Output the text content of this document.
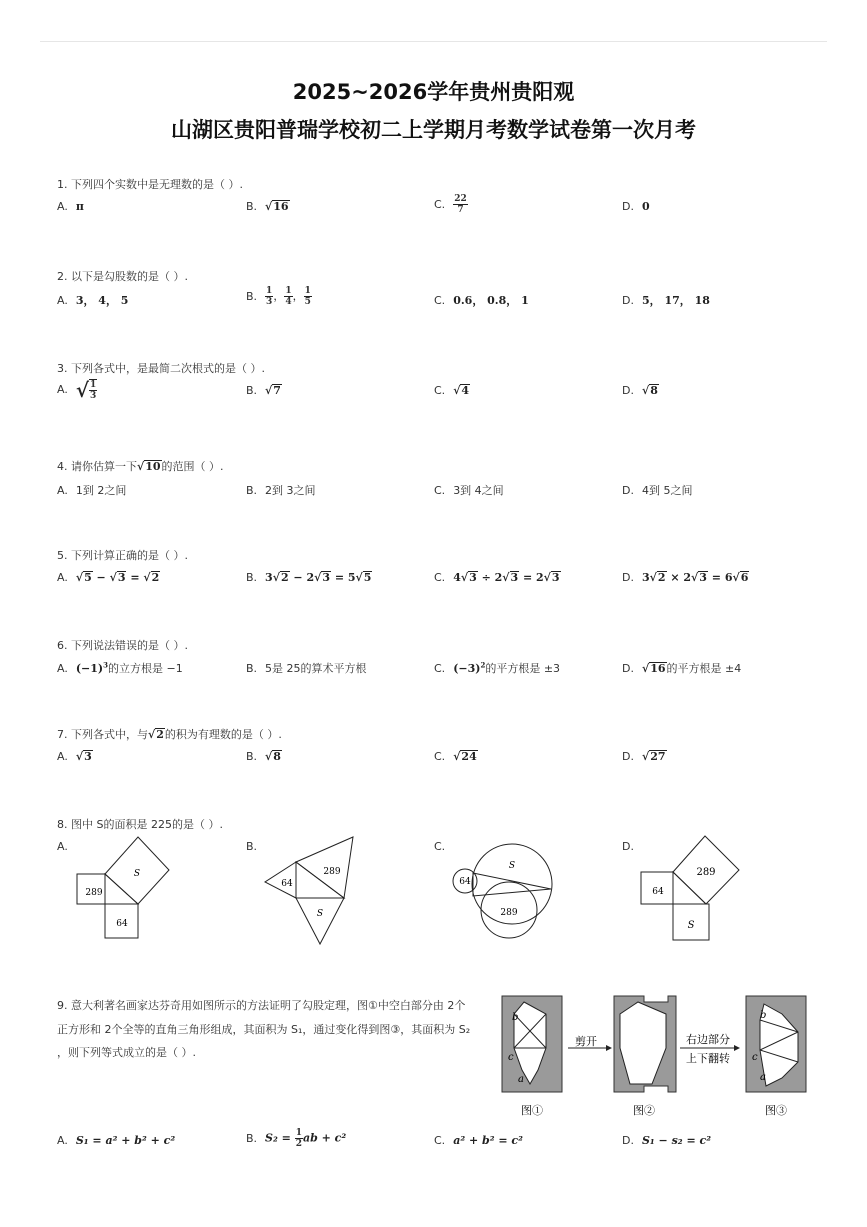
2025~2026学年贵州贵阳观
山湖区贵阳普瑞学校初二上学期月考数学试卷第一次月考
1. 下列四个实数中是无理数的是（ ）.
A. π	B. √16	C. $\frac{22}{7}$	D. 0
2. 以下是勾股数的是（ ）.
A. 3， 4， 5	B. $\frac{1}{3}$ ， $\frac{1}{4}$ ， $\frac{1}{5}$	C. 0.6， 0.8， 1	D. 5， 17， 18
3. 下列各式中，是最简二次根式的是（ ）.
A. √ $\frac{1}{3}$	B. √7	C. √4	D. √8
4. 请你估算一下√10的范围（ ）.
A. 1到 2之间	B. 2到 3之间	C. 3到 4之间	D. 4到 5之间
5. 下列计算正确的是（ ）.
A. √5 − √3 = √2	B. 3√2 − 2√3 = 5√5	C. 4√3 ÷ 2√3 = 2√3	D. 3√2 × 2√3 = 6√6
6. 下列说法错误的是（ ）.
A. $(-1)^3$的立方根是 −1	B. 5是 25的算术平方根	C. $(-3)^2$的平方根是 ±3	D. √16的平方根是 ±4
7. 下列各式中，与√2的积为有理数的是（ ）.
A. √3	B. √8	C. √24	D. √27
8. 图中 S的面积是 225的是（ ）.
A.	B.	C.	D.
289
S
64
64
289
S
64
S
289
289
64
S
9. 意大利著名画家达芬奇用如图所示的方法证明了勾股定理，图①中空白部分由 2个
正方形和 2个全等的直角三角形组成，其面积为 S₁，通过变化得到图③，其面积为 S₂
，则下列等式成立的是（ ）.
b
c
a
图①
剪开
图②
右边部分
上下翻转
b
c
a
图③
A. S₁ = a² + b² + c²	B. $S_2 = \frac{1}{2}$ ab + c²	C. a² + b² = c²	D. S₁ − s₂ = c²
